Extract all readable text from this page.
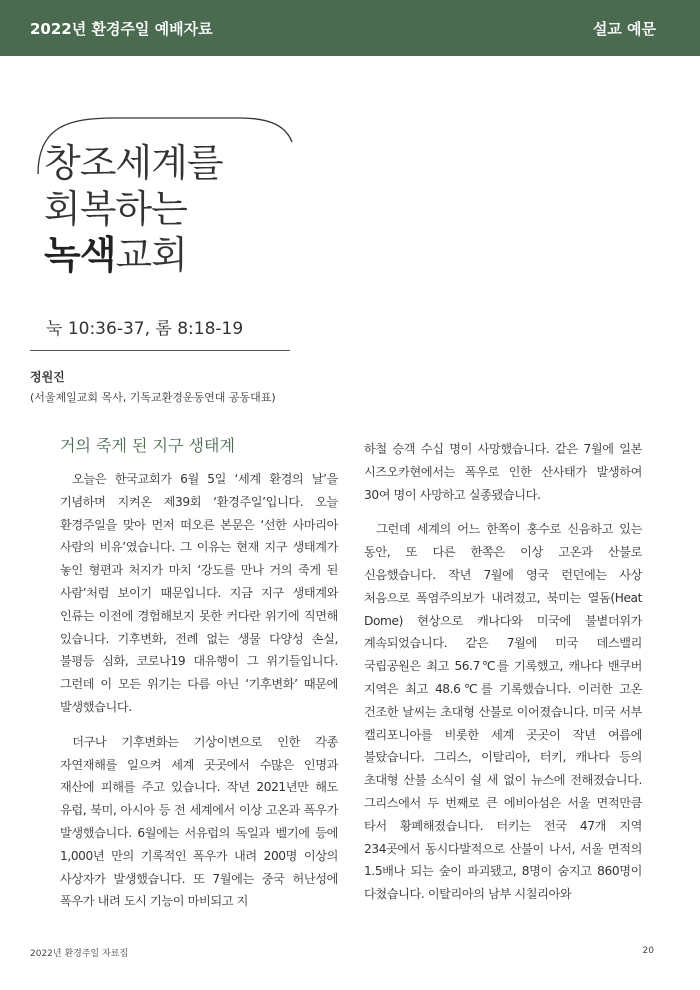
2022년 환경주일 예배자료	설교 예문
창조세계를
회복하는
녹색교회
눅 10:36-37, 롬 8:18-19
정원진
(서울제일교회 목사, 기독교환경운동연대 공동대표)
거의 죽게 된 지구 생태계

오늘은 한국교회가 6월 5일 ‘세계 환경의 날’을 기념하며 지켜온 제39회 ‘환경주일’입니다. 오늘 환경주일을 맞아 먼저 떠오른 본문은 ‘선한 사마리아 사람의 비유’였습니다. 그 이유는 현재 지구 생태계가 놓인 형편과 처지가 마치 ‘강도를 만나 거의 죽게 된 사람’처럼 보이기 때문입니다. 지금 지구 생태계와 인류는 이전에 경험해보지 못한 커다란 위기에 직면해 있습니다. 기후변화, 전례 없는 생물 다양성 손실, 불평등 심화, 코로나19 대유행이 그 위기들입니다. 그런데 이 모든 위기는 다름 아닌 ‘기후변화’ 때문에 발생했습니다.

더구나 기후변화는 기상이변으로 인한 각종 자연재해를 일으켜 세계 곳곳에서 수많은 인명과 재산에 피해를 주고 있습니다. 작년 2021년만 해도 유럽, 북미, 아시아 등 전 세계에서 이상 고온과 폭우가 발생했습니다. 6월에는 서유럽의 독일과 벨기에 등에 1,000년 만의 기록적인 폭우가 내려 200명 이상의 사상자가 발생했습니다. 또 7월에는 중국 허난성에 폭우가 내려 도시 기능이 마비되고 지

하철 승객 수십 명이 사망했습니다. 같은 7월에 일본 시즈오카현에서는 폭우로 인한 산사태가 발생하여 30여 명이 사망하고 실종됐습니다.

그런데 세계의 어느 한쪽이 홍수로 신음하고 있는 동안, 또 다른 한쪽은 이상 고온과 산불로 신음했습니다. 작년 7월에 영국 런던에는 사상 처음으로 폭염주의보가 내려졌고, 북미는 열돔(Heat Dome) 현상으로 캐나다와 미국에 불볕더위가 계속되었습니다. 같은 7월에 미국 데스밸리 국립공원은 최고 56.7℃를 기록했고, 캐나다 밴쿠버 지역은 최고 48.6℃를 기록했습니다. 이러한 고온 건조한 날씨는 초대형 산불로 이어졌습니다. 미국 서부 캘리포니아를 비롯한 세계 곳곳이 작년 여름에 불탔습니다. 그리스, 이탈리아, 터키, 캐나다 등의 초대형 산불 소식이 쉴 새 없이 뉴스에 전해졌습니다. 그리스에서 두 번째로 큰 에비아섬은 서울 면적만큼 타서 황폐해졌습니다. 터키는 전국 47개 지역 234곳에서 동시다발적으로 산불이 나서, 서울 면적의 1.5배나 되는 숲이 파괴됐고, 8명이 숨지고 860명이 다쳤습니다. 이탈리아의 남부 시칠리아와

2022년 환경주일 자료집	20
